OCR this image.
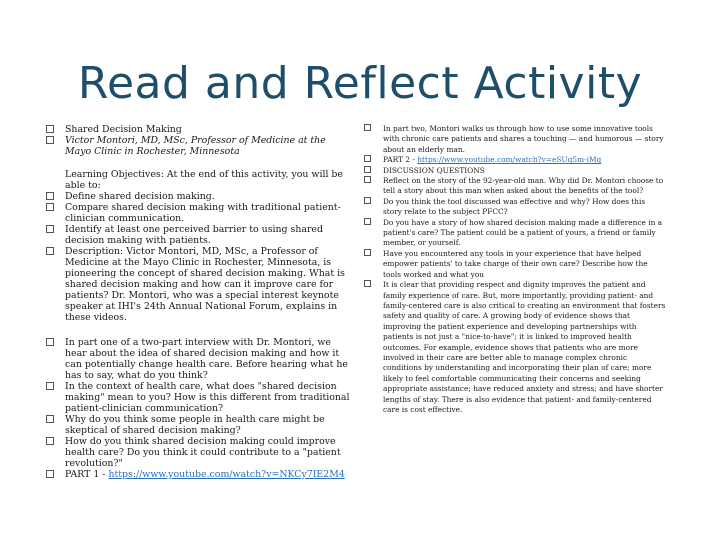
Read and Reflect Activity
Shared Decision Making
Victor Montori, MD, MSc, Professor of Medicine at the Mayo Clinic in Rochester, Minnesota
Learning Objectives: At the end of this activity, you will be able to:
Define shared decision making.
Compare shared decision making with traditional patient-clinician communication.
Identify at least one perceived barrier to using shared decision making with patients.
Description: Victor Montori, MD, MSc, a Professor of Medicine at the Mayo Clinic in Rochester, Minnesota, is pioneering the concept of shared decision making. What is shared decision making and how can it improve care for patients? Dr. Montori, who was a special interest keynote speaker at IHI's 24th Annual National Forum, explains in these videos.
In part one of a two-part interview with Dr. Montori, we hear about the idea of shared decision making and how it can potentially change health care. Before hearing what he has to say, what do you think?
In the context of health care, what does "shared decision making" mean to you? How is this different from traditional patient-clinician communication?
Why do you think some people in health care might be skeptical of shared decision making?
How do you think shared decision making could improve health care? Do you think it could contribute to a "patient revolution?"
PART 1 - https://www.youtube.com/watch?v=NKCy7IE2M4
In part two, Montori walks us through how to use some innovative tools with chronic care patients and shares a touching — and humorous — story about an elderly man.
PART 2 - https://www.youtube.com/watch?v=eSUq5m-iMq
DISCUSSION QUESTIONS
Reflect on the story of the 92-year-old man. Why did Dr. Montori choose to tell a story about this man when asked about the benefits of the tool?
Do you think the tool discussed was effective and why? How does this story relate to the subject PFCC?
Do you have a story of how shared decision making made a difference in a patient's care? The patient could be a patient of yours, a friend or family member, or yourself.
Have you encountered any tools in your experience that have helped empower patients' to take charge of their own care? Describe how the tools worked and what you
It is clear that providing respect and dignity improves the patient and family experience of care. But, more importantly, providing patient- and family-centered care is also critical to creating an environment that fosters safety and quality of care. A growing body of evidence shows that improving the patient experience and developing partnerships with patients is not just a "nice-to-have"; it is linked to improved health outcomes. For example, evidence shows that patients who are more involved in their care are better able to manage complex chronic conditions by understanding and incorporating their plan of care; more likely to feel comfortable communicating their concerns and seeking appropriate assistance; have reduced anxiety and stress; and have shorter lengths of stay. There is also evidence that patient- and family-centered care is cost effective.
